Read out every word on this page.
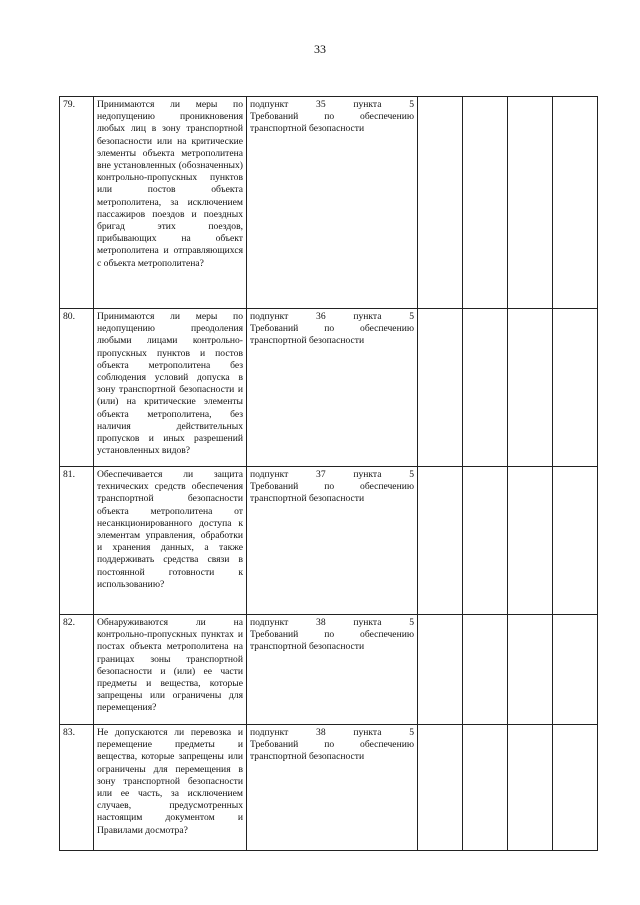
33
79.	Принимаются ли меры по недопущению проникновения любых лиц в зону транспортной безопасности или на критические элементы объекта метрополитена вне установленных (обозначенных) контрольно-пропускных пунктов или постов объекта метрополитена, за исключением пассажиров поездов и поездных бригад этих поездов, прибывающих на объект метрополитена и отправляющихся с объекта метрополитена?	подпункт 35 пункта 5
Требований по обеспечению транспортной безопасности				
80.	Принимаются ли меры по недопущению преодоления любыми лицами контрольно-пропускных пунктов и постов объекта метрополитена без соблюдения условий допуска в зону транспортной безопасности и (или) на критические элементы объекта метрополитена, без наличия действительных пропусков и иных разрешений установленных видов?	подпункт 36 пункта 5
Требований по обеспечению транспортной безопасности				
81.	Обеспечивается ли защита технических средств обеспечения транспортной безопасности объекта метрополитена от несанкционированного доступа к элементам управления, обработки и хранения данных, а также поддерживать средства связи в постоянной готовности к использованию?	подпункт 37 пункта 5
Требований по обеспечению транспортной безопасности				
82.	Обнаруживаются ли на контрольно-пропускных пунктах и постах объекта метрополитена на границах зоны транспортной безопасности и (или) ее части предметы и вещества, которые запрещены или ограничены для перемещения?	подпункт 38 пункта 5
Требований по обеспечению транспортной безопасности				
83.	Не допускаются ли перевозка и перемещение предметы и вещества, которые запрещены или ограничены для перемещения в зону транспортной безопасности или ее часть, за исключением случаев, предусмотренных настоящим документом и Правилами досмотра?	подпункт 38 пункта 5
Требований по обеспечению транспортной безопасности				
